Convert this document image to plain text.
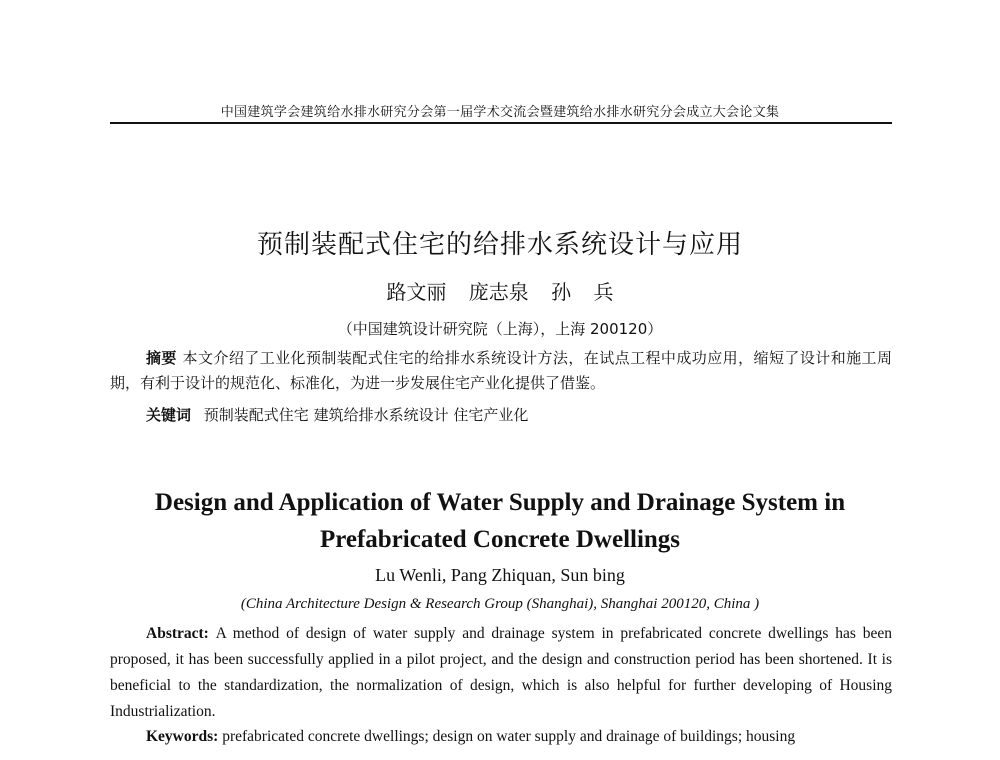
中国建筑学会建筑给水排水研究分会第一届学术交流会暨建筑给水排水研究分会成立大会论文集
预制装配式住宅的给排水系统设计与应用
路文丽 庞志泉 孙 兵
（中国建筑设计研究院（上海），上海 200120）
摘要 本文介绍了工业化预制装配式住宅的给排水系统设计方法，在试点工程中成功应用，缩短了设计和施工周期，有利于设计的规范化、标准化，为进一步发展住宅产业化提供了借鉴。
关键词 预制装配式住宅 建筑给排水系统设计 住宅产业化
Design and Application of Water Supply and Drainage System in Prefabricated Concrete Dwellings
Lu Wenli, Pang Zhiquan, Sun bing
(China Architecture Design & Research Group (Shanghai), Shanghai 200120, China )
Abstract: A method of design of water supply and drainage system in prefabricated concrete dwellings has been proposed, it has been successfully applied in a pilot project, and the design and construction period has been shortened. It is beneficial to the standardization, the normalization of design, which is also helpful for further developing of Housing Industrialization.
Keywords: prefabricated concrete dwellings; design on water supply and drainage of buildings; housing
